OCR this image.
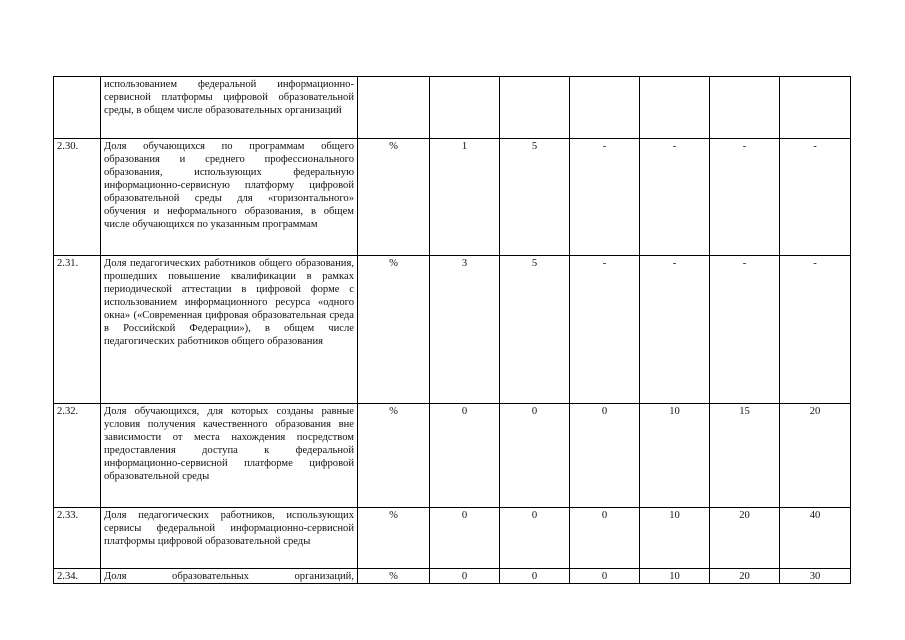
	использованием федеральной информационно-сервисной платформы цифровой образовательной среды, в общем числе образовательных организаций							
2.30.	Доля обучающихся по программам общего образования и среднего профессионального образования, использующих федеральную информационно-сервисную платформу цифровой образовательной среды для «горизонтального» обучения и неформального образования, в общем числе обучающихся по указанным программам	%	1	5	-	-	-	-
2.31.	Доля педагогических работников общего образования, прошедших повышение квалификации в рамках периодической аттестации в цифровой форме с использованием информационного ресурса «одного окна» («Современная цифровая образовательная среда в Российской Федерации»), в общем числе педагогических работников общего образования	%	3	5	-	-	-	-
2.32.	Доля обучающихся, для которых созданы равные условия получения качественного образования вне зависимости от места нахождения посредством предоставления доступа к федеральной информационно-сервисной платформе цифровой образовательной среды	%	0	0	0	10	15	20
2.33.	Доля педагогических работников, использующих сервисы федеральной информационно-сервисной платформы цифровой образовательной среды	%	0	0	0	10	20	40
2.34.	Доля образовательных организаций,	%	0	0	0	10	20	30
